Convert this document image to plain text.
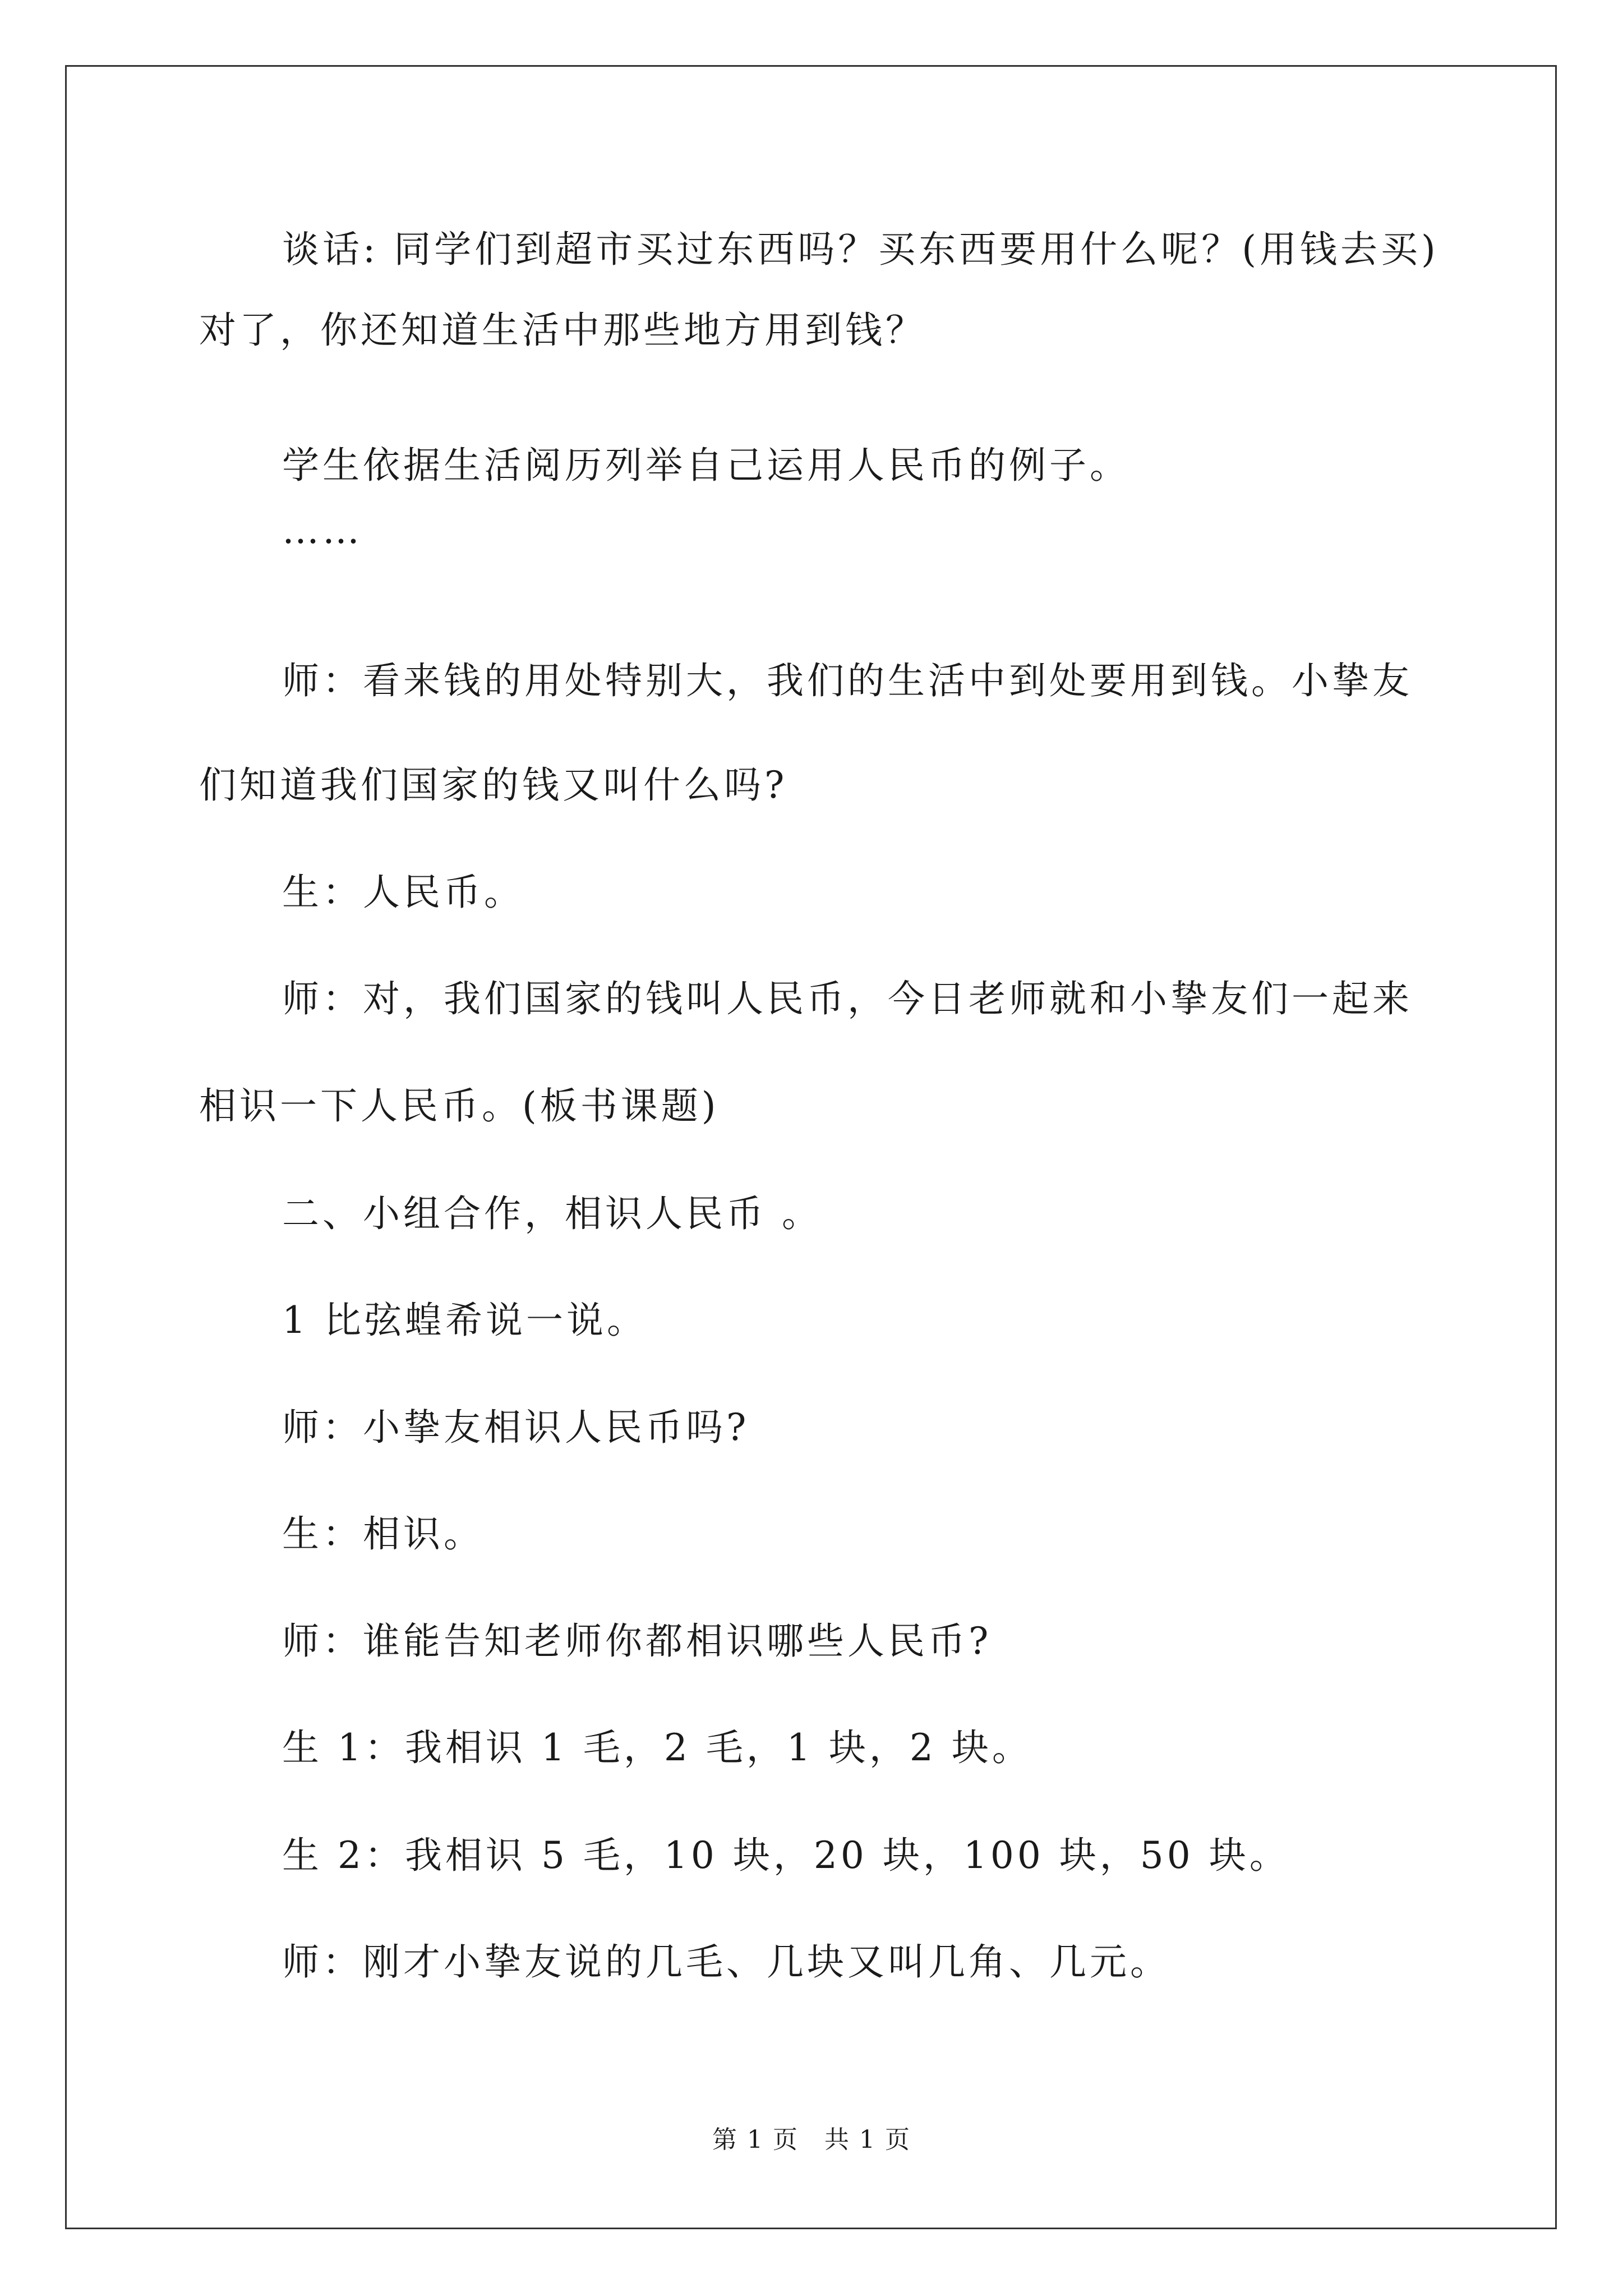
谈话: 同学们到超市买过东西吗？买东西要用什么呢？(用钱去买)

对了，你还知道生活中那些地方用到钱？

学生依据生活阅历列举自己运用人民币的例子。

……

师：看来钱的用处特别大，我们的生活中到处要用到钱。小挚友

们知道我们国家的钱又叫什么吗?

生：人民币。

师：对，我们国家的钱叫人民币，今日老师就和小挚友们一起来

相识一下人民币。(板书课题)

二、小组合作，相识人民币 。

1 比弦蝗希说一说。

师：小挚友相识人民币吗?

生：相识。

师：谁能告知老师你都相识哪些人民币?

生 1：我相识 1 毛，2 毛，1 块，2 块。

生 2：我相识 5 毛，10 块，20 块，100 块，50 块。

师：刚才小挚友说的几毛、几块又叫几角、几元。

第 1 页　共 1 页
